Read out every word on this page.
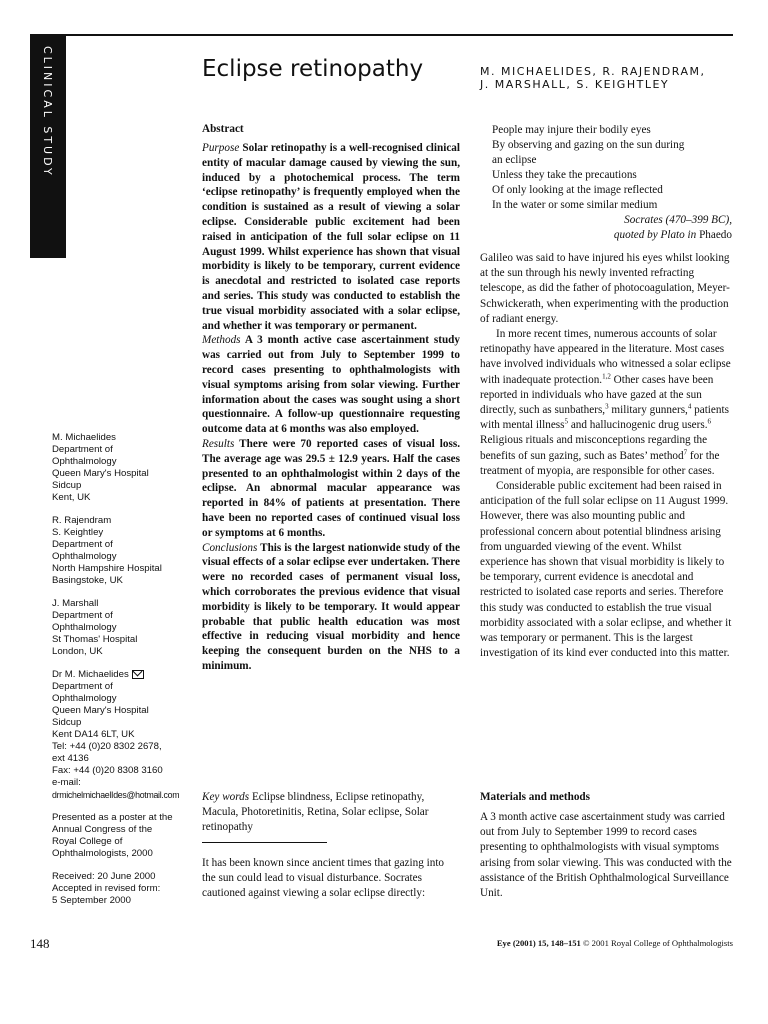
CLINICAL STUDY	Eclipse retinopathy	M. MICHAELIDES, R. RAJENDRAM,
J. MARSHALL, S. KEIGHTLEY
M. Michaelides
Department of
Ophthalmology
Queen Mary's Hospital
Sidcup
Kent, UK
R. Rajendram
S. Keightley
Department of
Ophthalmology
North Hampshire Hospital
Basingstoke, UK
J. Marshall
Department of
Ophthalmology
St Thomas' Hospital
London, UK
Dr M. Michaelides
Department of
Ophthalmology
Queen Mary's Hospital
Sidcup
Kent DA14 6LT, UK
Tel: +44 (0)20 8302 2678,
ext 4136
Fax: +44 (0)20 8308 3160
e-mail:
drmichelmichaelIdes@hotmail.com
Presented as a poster at the
Annual Congress of the
Royal College of
Ophthalmologists, 2000
Received: 20 June 2000
Accepted in revised form:
5 September 2000
Abstract
Purpose Solar retinopathy is a well-recognised clinical entity of macular damage caused by viewing the sun, induced by a photochemical process. The term ‘eclipse retinopathy’ is frequently employed when the condition is sustained as a result of viewing a solar eclipse. Considerable public excitement had been raised in anticipation of the full solar eclipse on 11 August 1999. Whilst experience has shown that visual morbidity is likely to be temporary, current evidence is anecdotal and restricted to isolated case reports and series. This study was conducted to establish the true visual morbidity associated with a solar eclipse, and whether it was temporary or permanent.
Methods A 3 month active case ascertainment study was carried out from July to September 1999 to record cases presenting to ophthalmologists with visual symptoms arising from solar viewing. Further information about the cases was sought using a short questionnaire. A follow-up questionnaire requesting outcome data at 6 months was also employed.
Results There were 70 reported cases of visual loss. The average age was 29.5 ± 12.9 years. Half the cases presented to an ophthalmologist within 2 days of the eclipse. An abnormal macular appearance was reported in 84% of patients at presentation. There have been no reported cases of continued visual loss or symptoms at 6 months.
Conclusions This is the largest nationwide study of the visual effects of a solar eclipse ever undertaken. There were no recorded cases of permanent visual loss, which corroborates the previous evidence that visual morbidity is likely to be temporary. It would appear probable that public health education was most effective in reducing visual morbidity and hence keeping the consequent burden on the NHS to a minimum.
Key words Eclipse blindness, Eclipse retinopathy, Macula, Photoretinitis, Retina, Solar eclipse, Solar retinopathy
It has been known since ancient times that gazing into the sun could lead to visual disturbance. Socrates cautioned against viewing a solar eclipse directly:
People may injure their bodily eyes
By observing and gazing on the sun during
an eclipse
Unless they take the precautions
Of only looking at the image reflected
In the water or some similar medium
Socrates (470–399 BC),
quoted by Plato in Phaedo

Galileo was said to have injured his eyes whilst looking at the sun through his newly invented refracting telescope, as did the father of photocoagulation, Meyer-Schwickerath, when experimenting with the production of radiant energy.

In more recent times, numerous accounts of solar retinopathy have appeared in the literature. Most cases have involved individuals who witnessed a solar eclipse with inadequate protection.$^{1,2}$ Other cases have been reported in individuals who have gazed at the sun directly, such as sunbathers,$^3$ military gunners,$^4$ patients with mental illness$^5$ and hallucinogenic drug users.$^6$ Religious rituals and misconceptions regarding the benefits of sun gazing, such as Bates’ method$^7$ for the treatment of myopia, are responsible for other cases.

Considerable public excitement had been raised in anticipation of the full solar eclipse on 11 August 1999. However, there was also mounting public and professional concern about potential blindness arising from unguarded viewing of the event. Whilst experience has shown that visual morbidity is likely to be temporary, current evidence is anecdotal and restricted to isolated case reports and series. Therefore this study was conducted to establish the true visual morbidity associated with a solar eclipse, and whether it was temporary or permanent. This is the largest investigation of its kind ever conducted into this matter.

Materials and methods
A 3 month active case ascertainment study was carried out from July to September 1999 to record cases presenting to ophthalmologists with visual symptoms arising from solar viewing. This was conducted with the assistance of the British Ophthalmological Surveillance Unit.
148	Eye (2001) 15, 148–151 © 2001 Royal College of Ophthalmologists
